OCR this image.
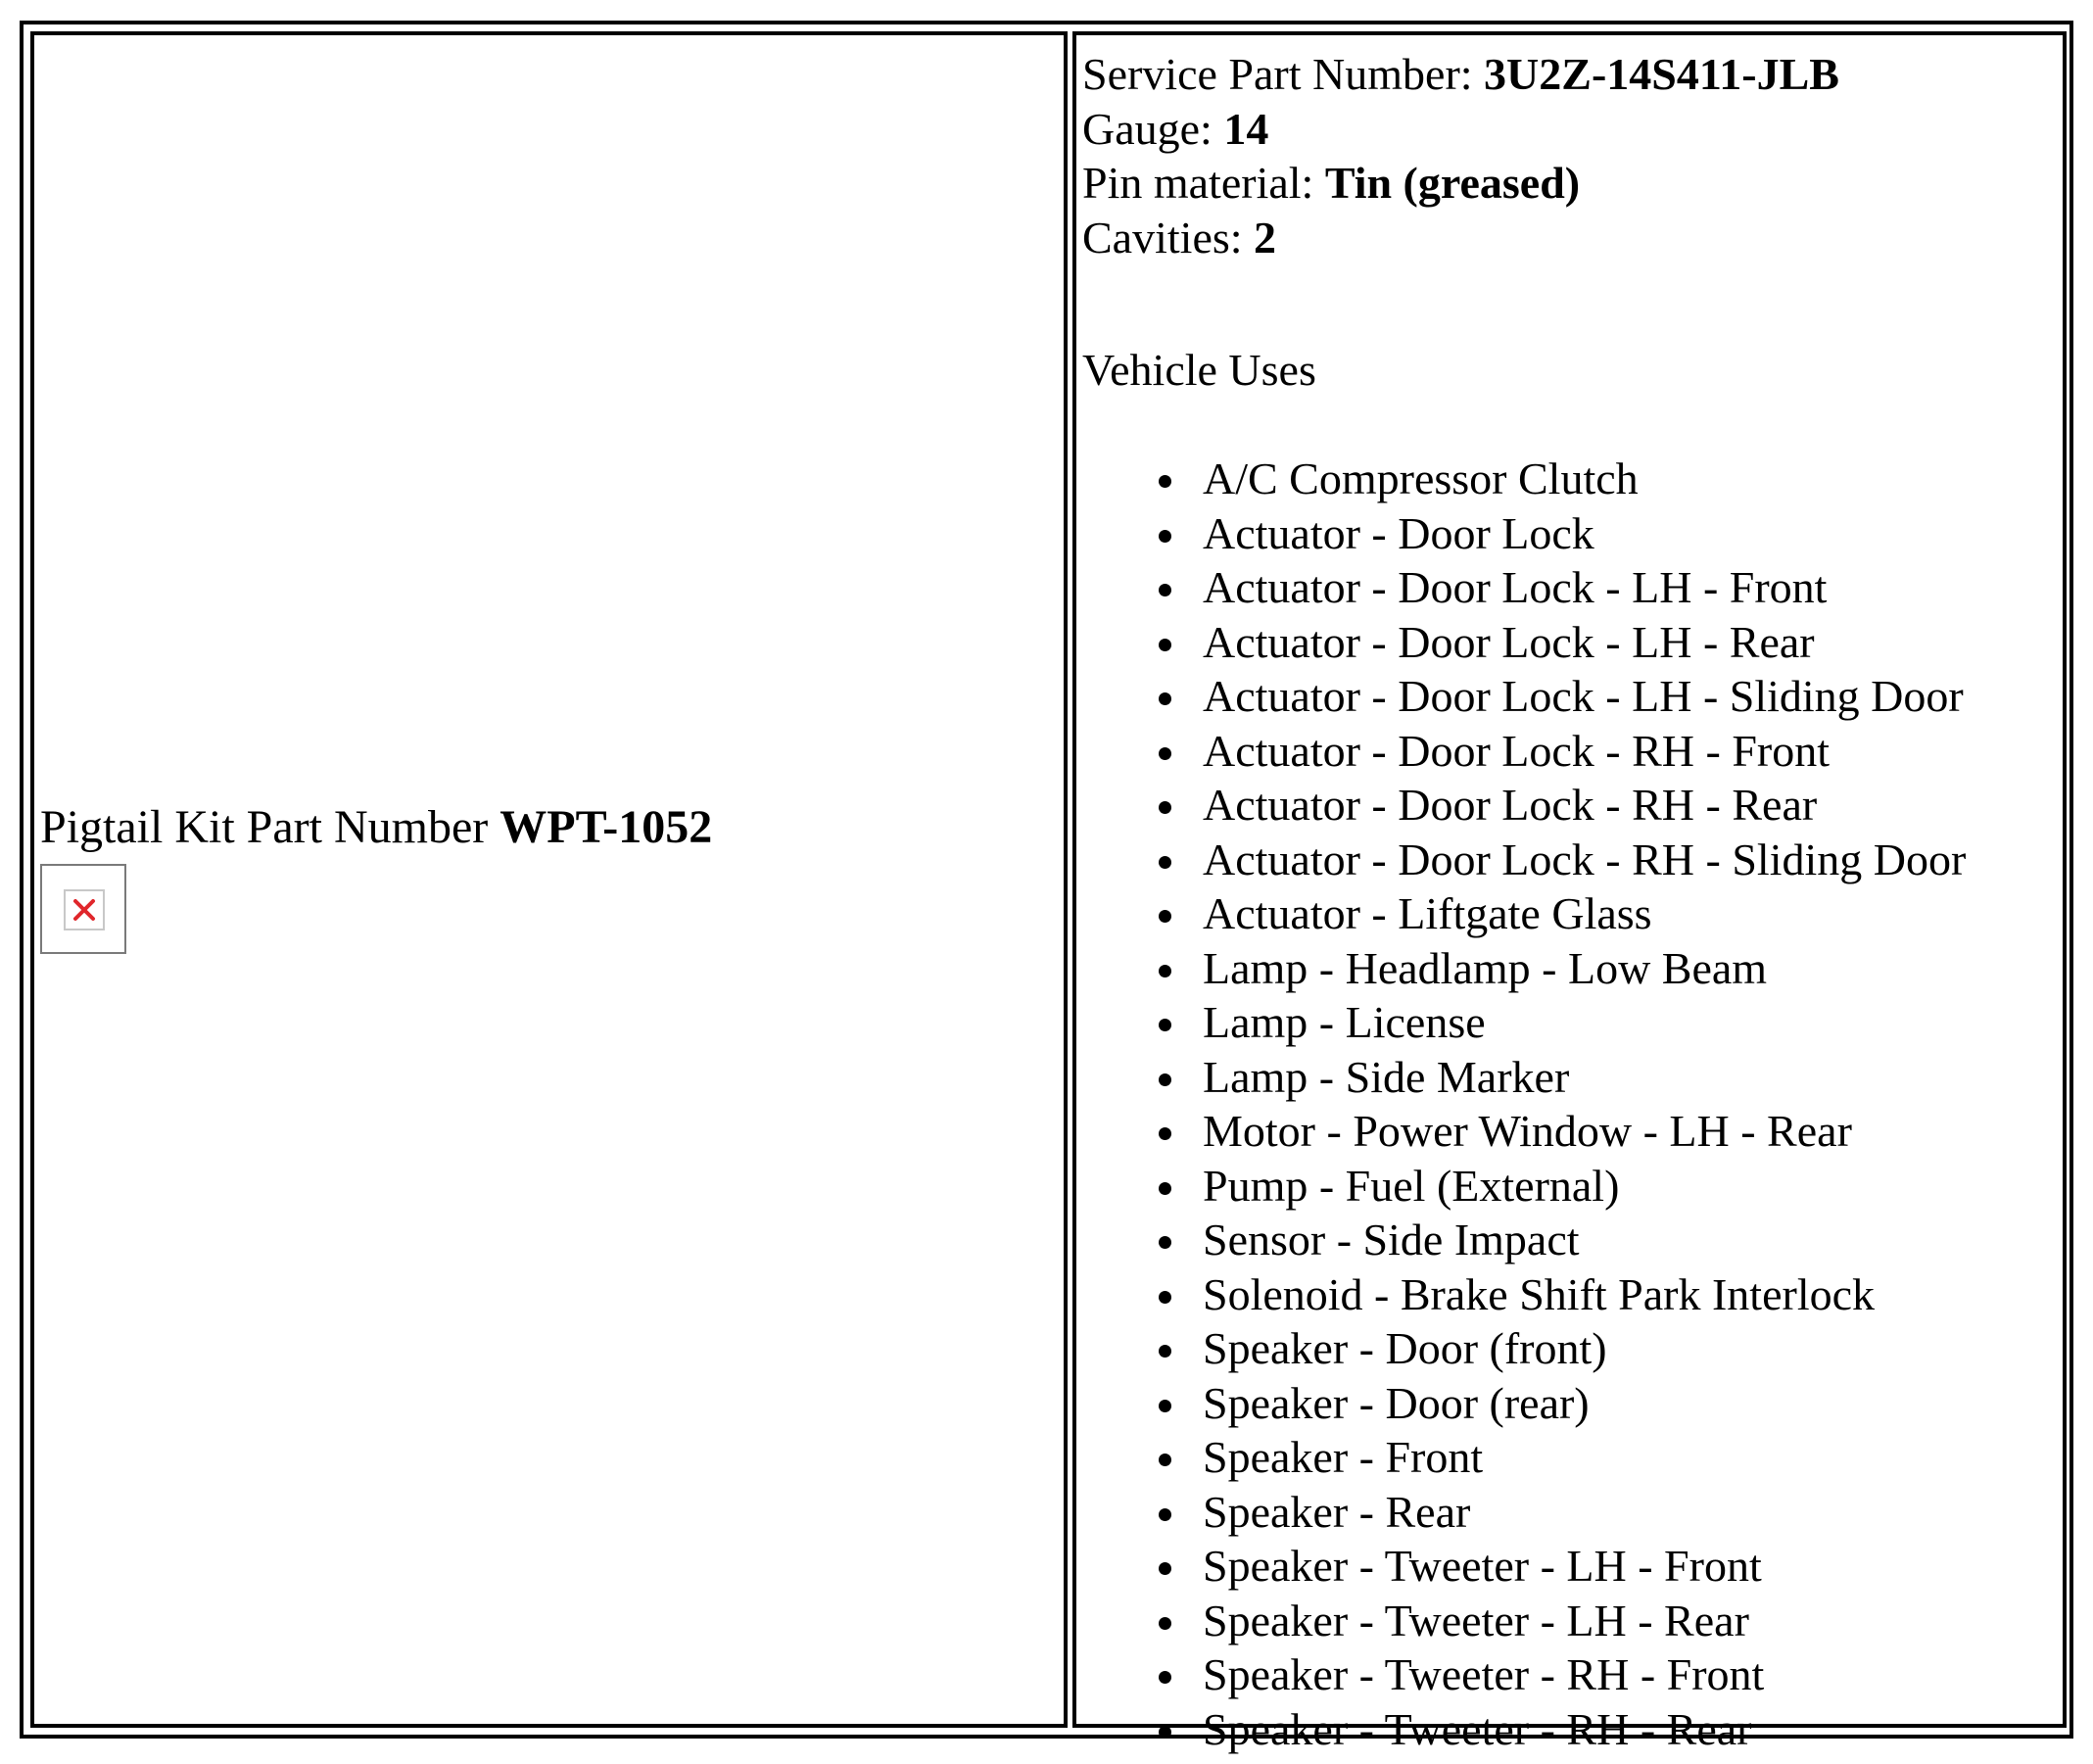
Pigtail Kit Part Number WPT-1052
Service Part Number: 3U2Z-14S411-JLB
Gauge: 14
Pin material: Tin (greased)
Cavities: 2
Vehicle Uses
A/C Compressor Clutch
Actuator - Door Lock
Actuator - Door Lock - LH - Front
Actuator - Door Lock - LH - Rear
Actuator - Door Lock - LH - Sliding Door
Actuator - Door Lock - RH - Front
Actuator - Door Lock - RH - Rear
Actuator - Door Lock - RH - Sliding Door
Actuator - Liftgate Glass
Lamp - Headlamp - Low Beam
Lamp - License
Lamp - Side Marker
Motor - Power Window - LH - Rear
Pump - Fuel (External)
Sensor - Side Impact
Solenoid - Brake Shift Park Interlock
Speaker - Door (front)
Speaker - Door (rear)
Speaker - Front
Speaker - Rear
Speaker - Tweeter - LH - Front
Speaker - Tweeter - LH - Rear
Speaker - Tweeter - RH - Front
Speaker - Tweeter - RH - Rear
